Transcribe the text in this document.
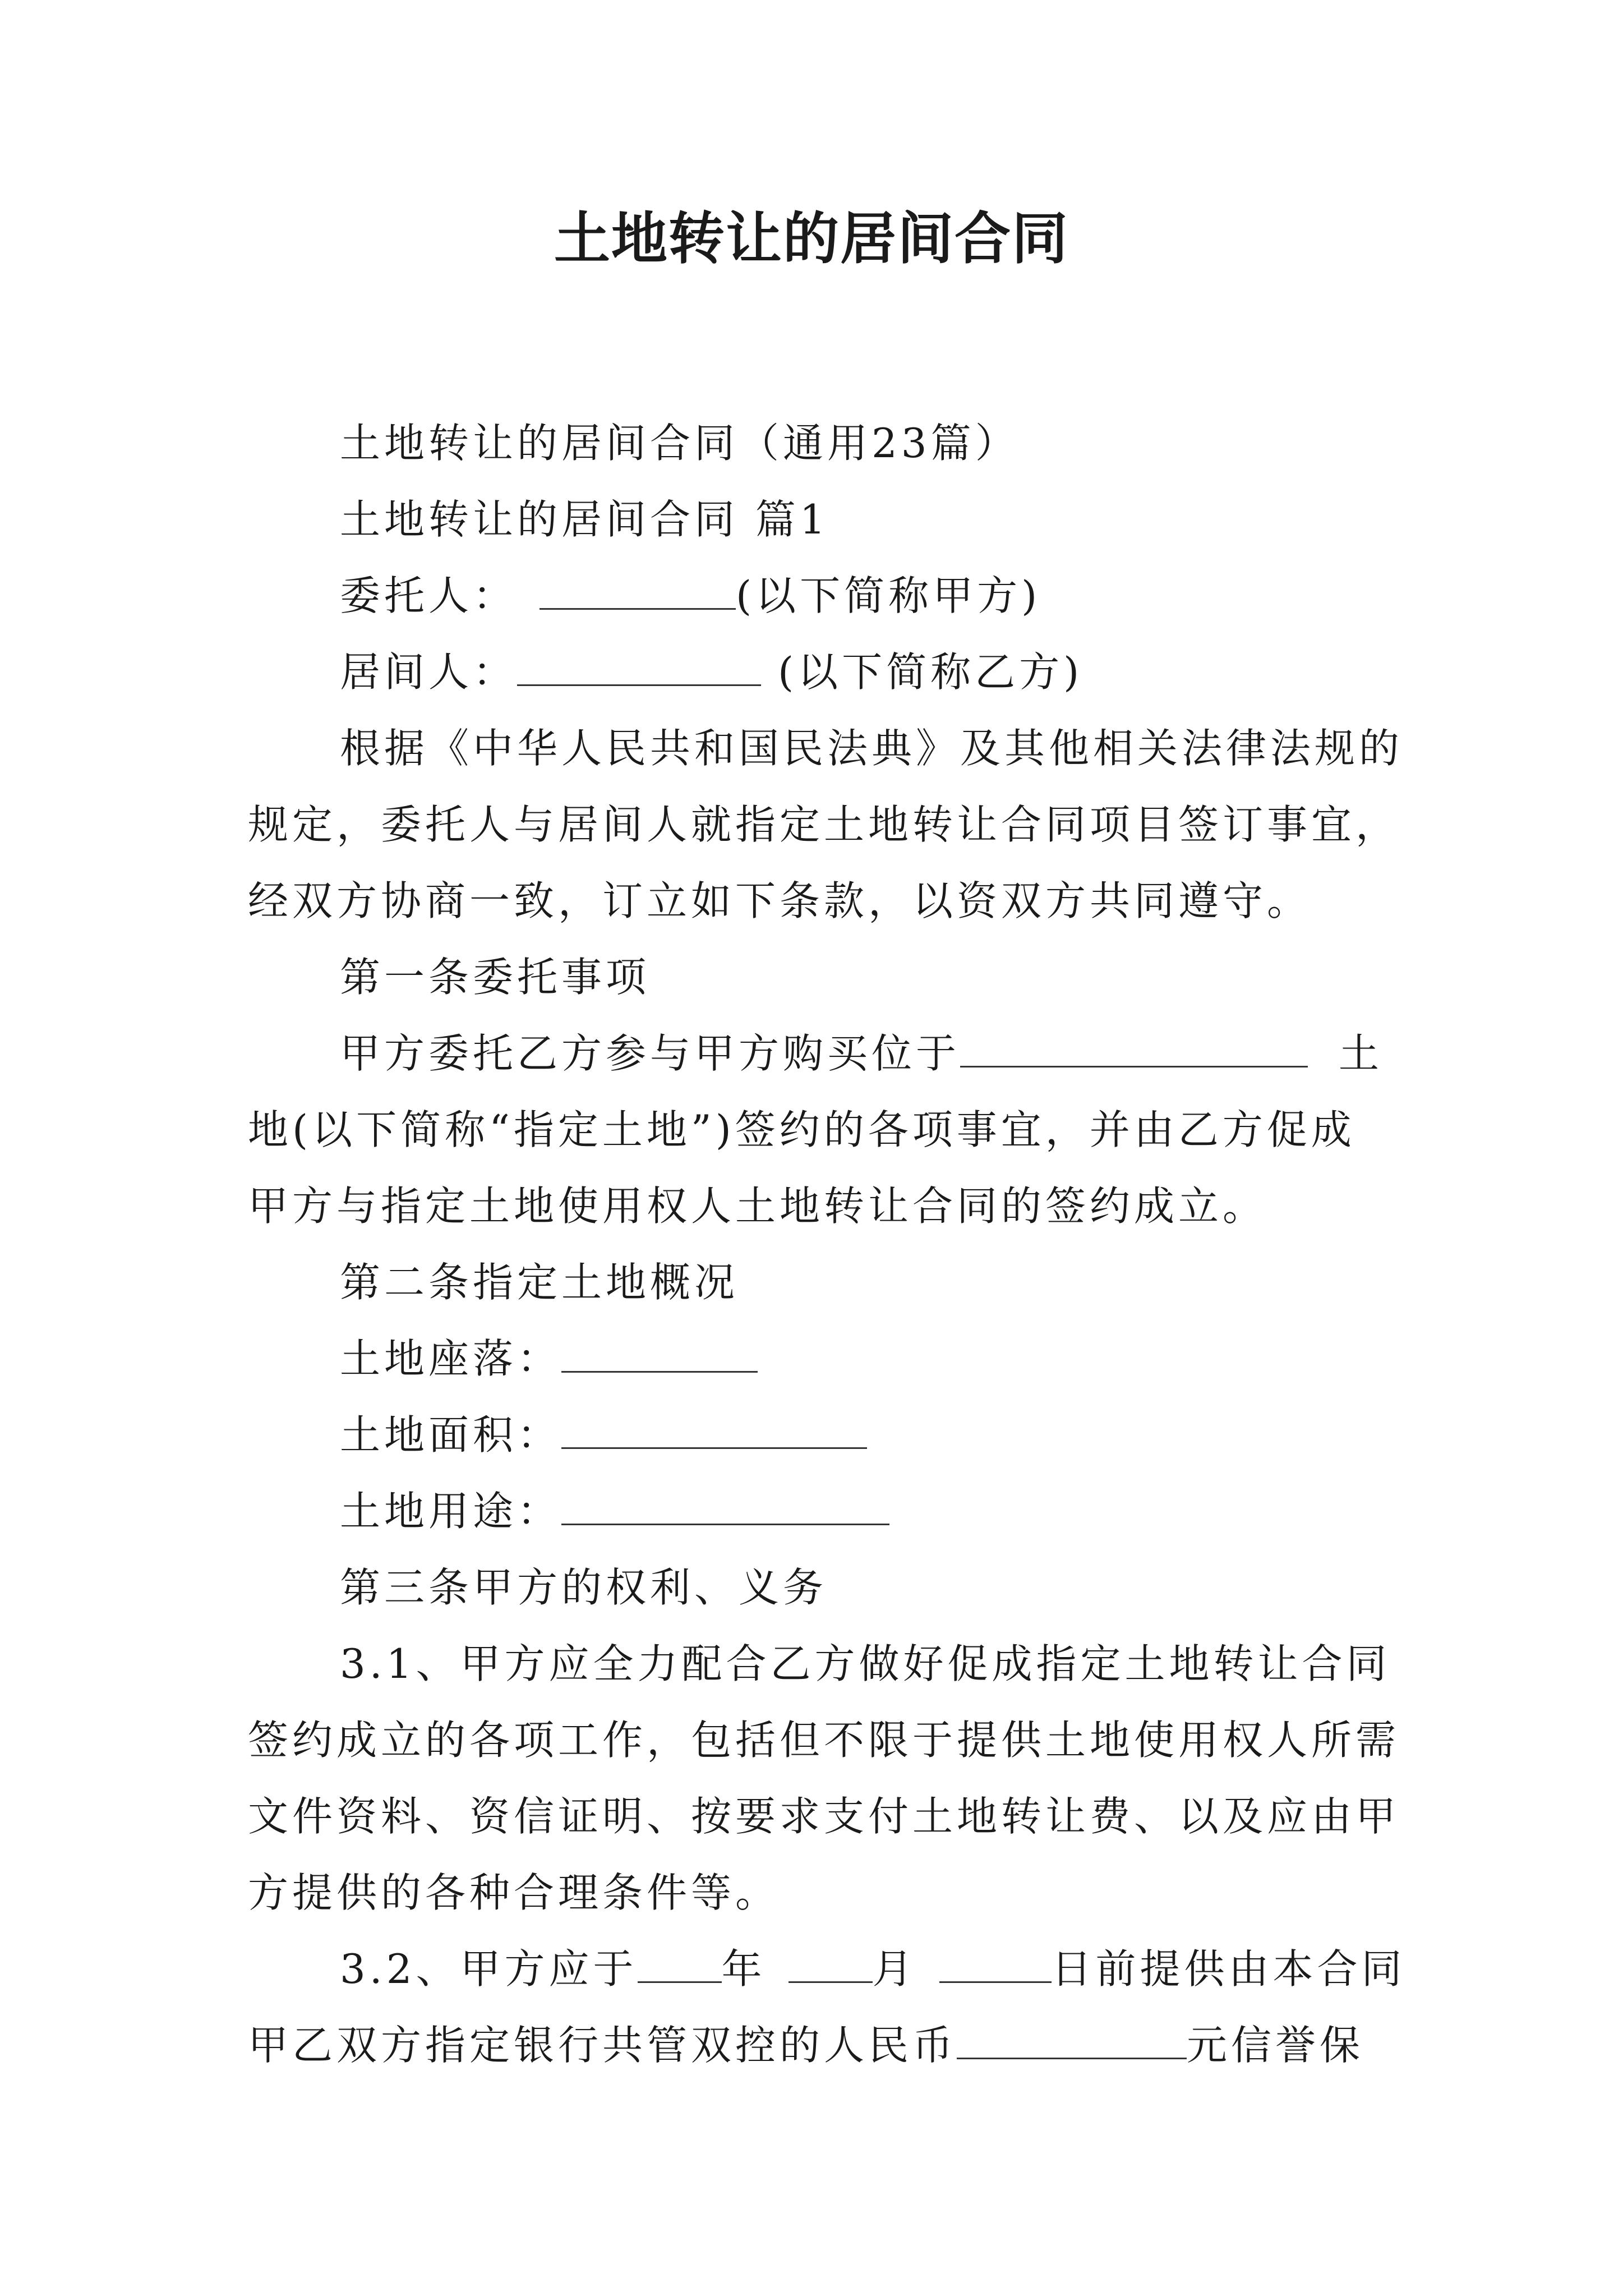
土地转让的居间合同
土地转让的居间合同（通用23篇）
土地转让的居间合同 篇1
委托人：	(以下简称甲方)
居间人：	(以下简称乙方)
根据《中华人民共和国民法典》及其他相关法律法规的
规定，委托人与居间人就指定土地转让合同项目签订事宜，
经双方协商一致，订立如下条款，以资双方共同遵守。
第一条委托事项
甲方委托乙方参与甲方购买位于	土
地(以下简称“指定土地”)签约的各项事宜，并由乙方促成
甲方与指定土地使用权人土地转让合同的签约成立。
第二条指定土地概况
土地座落：
土地面积：
土地用途：
第三条甲方的权利、义务
3.1、甲方应全力配合乙方做好促成指定土地转让合同
签约成立的各项工作，包括但不限于提供土地使用权人所需
文件资料、资信证明、按要求支付土地转让费、以及应由甲
方提供的各种合理条件等。
3.2、甲方应于 年	月	日前提供由本合同
甲乙双方指定银行共管双控的人民币	元信誉保
